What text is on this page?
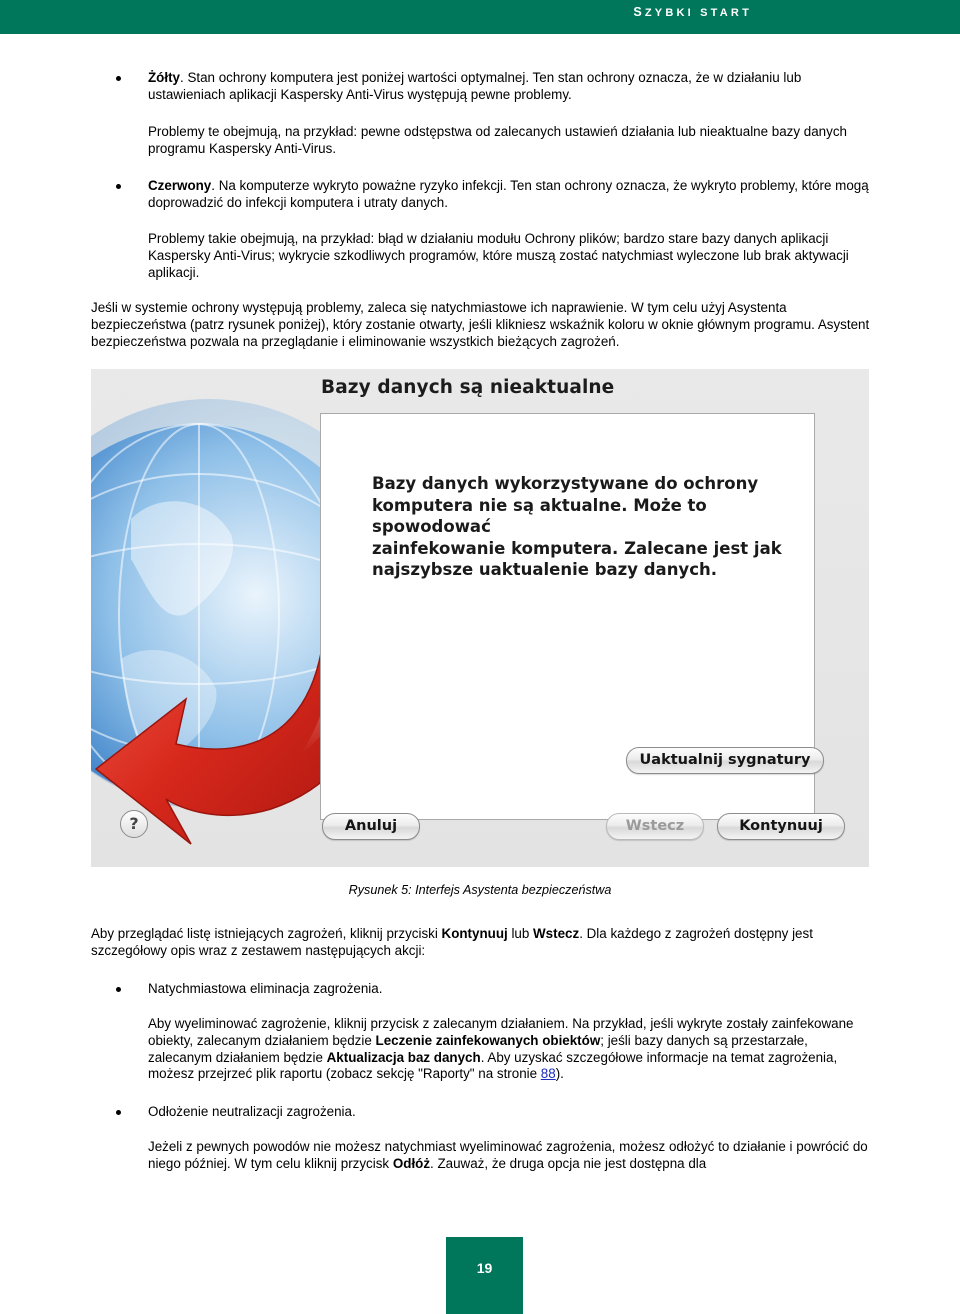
SZYBKI START

Żółty. Stan ochrony komputera jest poniżej wartości optymalnej. Ten stan ochrony oznacza, że w działaniu lub ustawieniach aplikacji Kaspersky Anti-Virus występują pewne problemy.

Problemy te obejmują, na przykład: pewne odstępstwa od zalecanych ustawień działania lub nieaktualne bazy danych programu Kaspersky Anti-Virus.

Czerwony. Na komputerze wykryto poważne ryzyko infekcji. Ten stan ochrony oznacza, że wykryto problemy, które mogą doprowadzić do infekcji komputera i utraty danych.

Problemy takie obejmują, na przykład: błąd w działaniu modułu Ochrony plików; bardzo stare bazy danych aplikacji Kaspersky Anti-Virus; wykrycie szkodliwych programów, które muszą zostać natychmiast wyleczone lub brak aktywacji aplikacji.

Jeśli w systemie ochrony występują problemy, zaleca się natychmiastowe ich naprawienie. W tym celu użyj Asystenta bezpieczeństwa (patrz rysunek poniżej), który zostanie otwarty, jeśli klikniesz wskaźnik koloru w oknie głównym programu. Asystent bezpieczeństwa pozwala na przeglądanie i eliminowanie wszystkich bieżących zagrożeń.

Bazy danych są nieaktualne
Bazy danych wykorzystywane do ochrony
komputera nie są aktualne. Może to spowodować
zainfekowanie komputera. Zalecane jest jak
najszybsze uaktualenie bazy danych.
Uaktualnij sygnatury
?	Anuluj	Wstecz	Kontynuuj
Rysunek 5: Interfejs Asystenta bezpieczeństwa

Aby przeglądać listę istniejących zagrożeń, kliknij przyciski Kontynuuj lub Wstecz. Dla każdego z zagrożeń dostępny jest szczegółowy opis wraz z zestawem następujących akcji:

Natychmiastowa eliminacja zagrożenia.

Aby wyeliminować zagrożenie, kliknij przycisk z zalecanym działaniem. Na przykład, jeśli wykryte zostały zainfekowane obiekty, zalecanym działaniem będzie Leczenie zainfekowanych obiektów; jeśli bazy danych są przestarzałe, zalecanym działaniem będzie Aktualizacja baz danych. Aby uzyskać szczegółowe informacje na temat zagrożenia, możesz przejrzeć plik raportu (zobacz sekcję "Raporty" na stronie 88).

Odłożenie neutralizacji zagrożenia.

Jeżeli z pewnych powodów nie możesz natychmiast wyeliminować zagrożenia, możesz odłożyć to działanie i powrócić do niego później. W tym celu kliknij przycisk Odłóż. Zauważ, że druga opcja nie jest dostępna dla

19
